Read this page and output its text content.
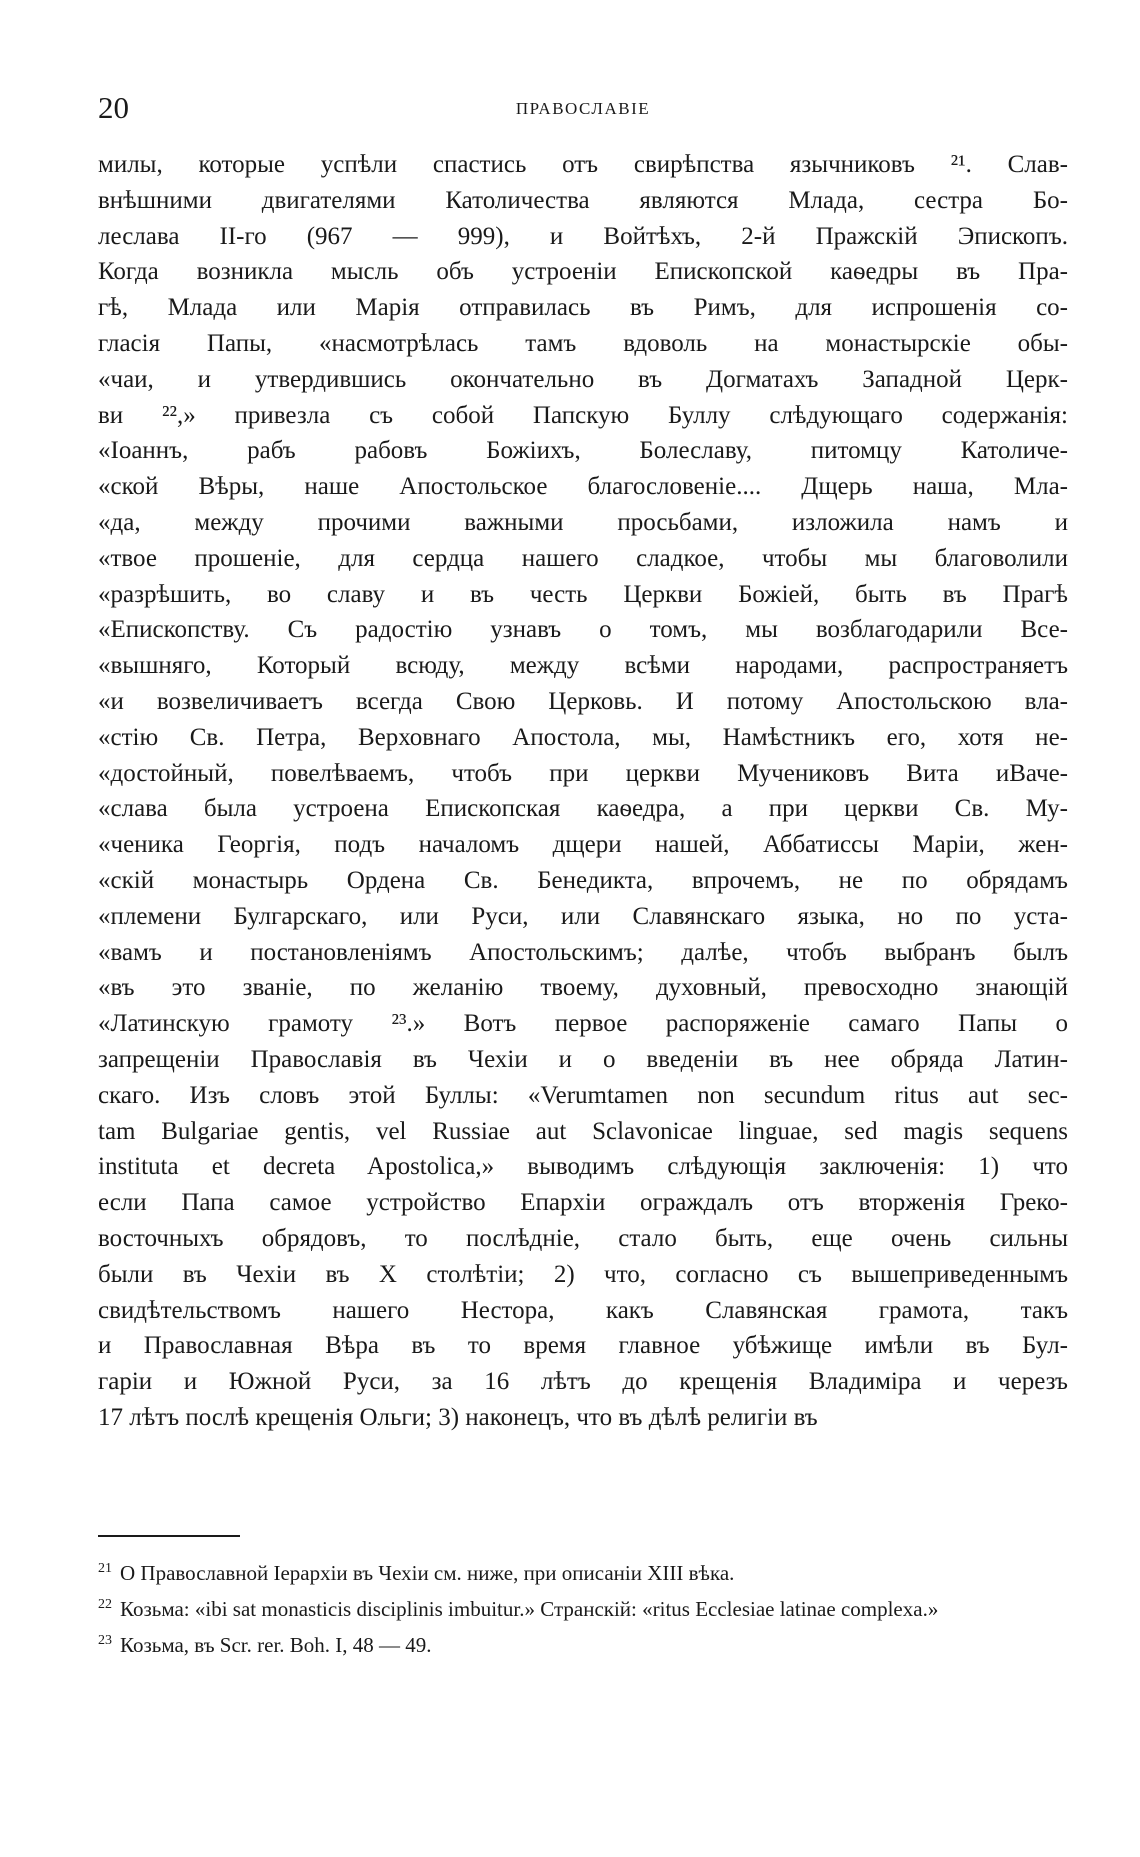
20	ПРАВОСЛАВІЕ
милы, которые успѣли спастись отъ свирѣпства язычниковъ ²¹. Слав-
внѣшними двигателями Католичества являются Млада, сестра Бо-
леслава II-го (967 — 999), и Войтѣхъ, 2-й Пражскій Эпископъ.
Когда возникла мысль объ устроеніи Епископской каѳедры въ Пра-
гѣ, Млада или Марія отправилась въ Римъ, для испрошенія со-
гласія Папы, «насмотрѣлась тамъ вдоволь на монастырскіе обы-
«чаи, и утвердившись окончательно въ Догматахъ Западной Церк-
ви ²²,» привезла съ собой Папскую Буллу слѣдующаго содержанія:
«Іоаннъ, рабъ рабовъ Божіихъ, Болеславу, питомцу Католиче-
«ской Вѣры, наше Апостольское благословеніе.... Дщерь наша, Мла-
«да, между прочими важными просьбами, изложила намъ и
«твое прошеніе, для сердца нашего сладкое, чтобы мы благоволили
«разрѣшить, во славу и въ честь Церкви Божіей, быть въ Прагѣ
«Епископству. Съ радостію узнавъ о томъ, мы возблагодарили Все-
«вышняго, Который всюду, между всѣми народами, распространяетъ
«и возвеличиваетъ всегда Свою Церковь. И потому Апостольскою вла-
«стію Св. Петра, Верховнаго Апостола, мы, Намѣстникъ его, хотя не-
«достойный, повелѣваемъ, чтобъ при церкви Мучениковъ Вита иВаче-
«слава была устроена Епископская каѳедра, а при церкви Св. Му-
«ченика Георгія, подъ началомъ дщери нашей, Аббатиссы Маріи, жен-
«скій монастырь Ордена Св. Бенедикта, впрочемъ, не по обрядамъ
«племени Булгарскаго, или Руси, или Славянскаго языка, но по уста-
«вамъ и постановленіямъ Апостольскимъ; далѣе, чтобъ выбранъ былъ
«въ это званіе, по желанію твоему, духовный, превосходно знающій
«Латинскую грамоту ²³.» Вотъ первое распоряженіе самаго Папы о
запрещеніи Православія въ Чехіи и о введеніи въ нее обряда Латин-
скаго. Изъ словъ этой Буллы: «Verumtamen non secundum ritus aut sec-
tam Bulgariae gentis, vel Russiae aut Sclavonicae linguae, sed magis sequens
instituta et decreta Apostolica,» выводимъ слѣдующія заключенія: 1) что
если Папа самое устройство Епархіи ограждалъ отъ вторженія Греко-
восточныхъ обрядовъ, то послѣдніе, стало быть, еще очень сильны
были въ Чехіи въ X столѣтіи; 2) что, согласно съ вышеприведеннымъ
свидѣтельствомъ нашего Нестора, какъ Славянская грамота, такъ
и Православная Вѣра въ то время главное убѣжище имѣли въ Бул-
гаріи и Южной Руси, за 16 лѣтъ до крещенія Владиміра и черезъ
17 лѣтъ послѣ крещенія Ольги; 3) наконецъ, что въ дѣлѣ религіи въ
$^{21}$ О Православной Іерархіи въ Чехіи см. ниже, при описаніи XIII вѣка.
$^{22}$ Козьма: «ibi sat monasticis disciplinis imbuitur.» Странскій: «ritus Ecclesiae latinae complexa.»
$^{23}$ Козьма, въ Scr. rer. Boh. I, 48 — 49.
